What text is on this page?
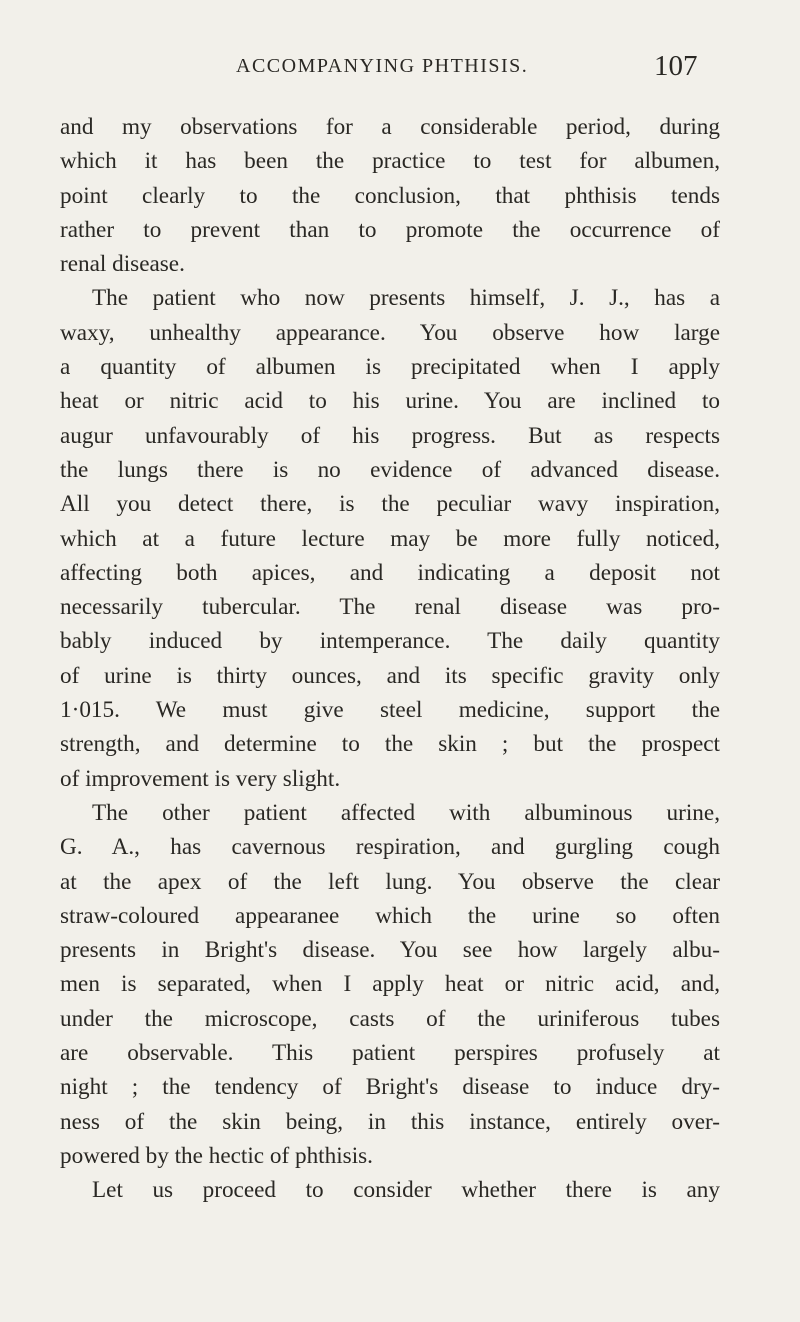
ACCOMPANYING PHTHISIS.	107
and my observations for a considerable period, during
which it has been the practice to test for albumen,
point clearly to the conclusion, that phthisis tends
rather to prevent than to promote the occurrence of
renal disease.
The patient who now presents himself, J. J., has a
waxy, unhealthy appearance. You observe how large
a quantity of albumen is precipitated when I apply
heat or nitric acid to his urine. You are inclined to
augur unfavourably of his progress. But as respects
the lungs there is no evidence of advanced disease.
All you detect there, is the peculiar wavy inspiration,
which at a future lecture may be more fully noticed,
affecting both apices, and indicating a deposit not
necessarily tubercular. The renal disease was pro-
bably induced by intemperance. The daily quantity
of urine is thirty ounces, and its specific gravity only
1·015. We must give steel medicine, support the
strength, and determine to the skin ; but the prospect
of improvement is very slight.
The other patient affected with albuminous urine,
G. A., has cavernous respiration, and gurgling cough
at the apex of the left lung. You observe the clear
straw-coloured appearanee which the urine so often
presents in Bright's disease. You see how largely albu-
men is separated, when I apply heat or nitric acid, and,
under the microscope, casts of the uriniferous tubes
are observable. This patient perspires profusely at
night ; the tendency of Bright's disease to induce dry-
ness of the skin being, in this instance, entirely over-
powered by the hectic of phthisis.
Let us proceed to consider whether there is any
